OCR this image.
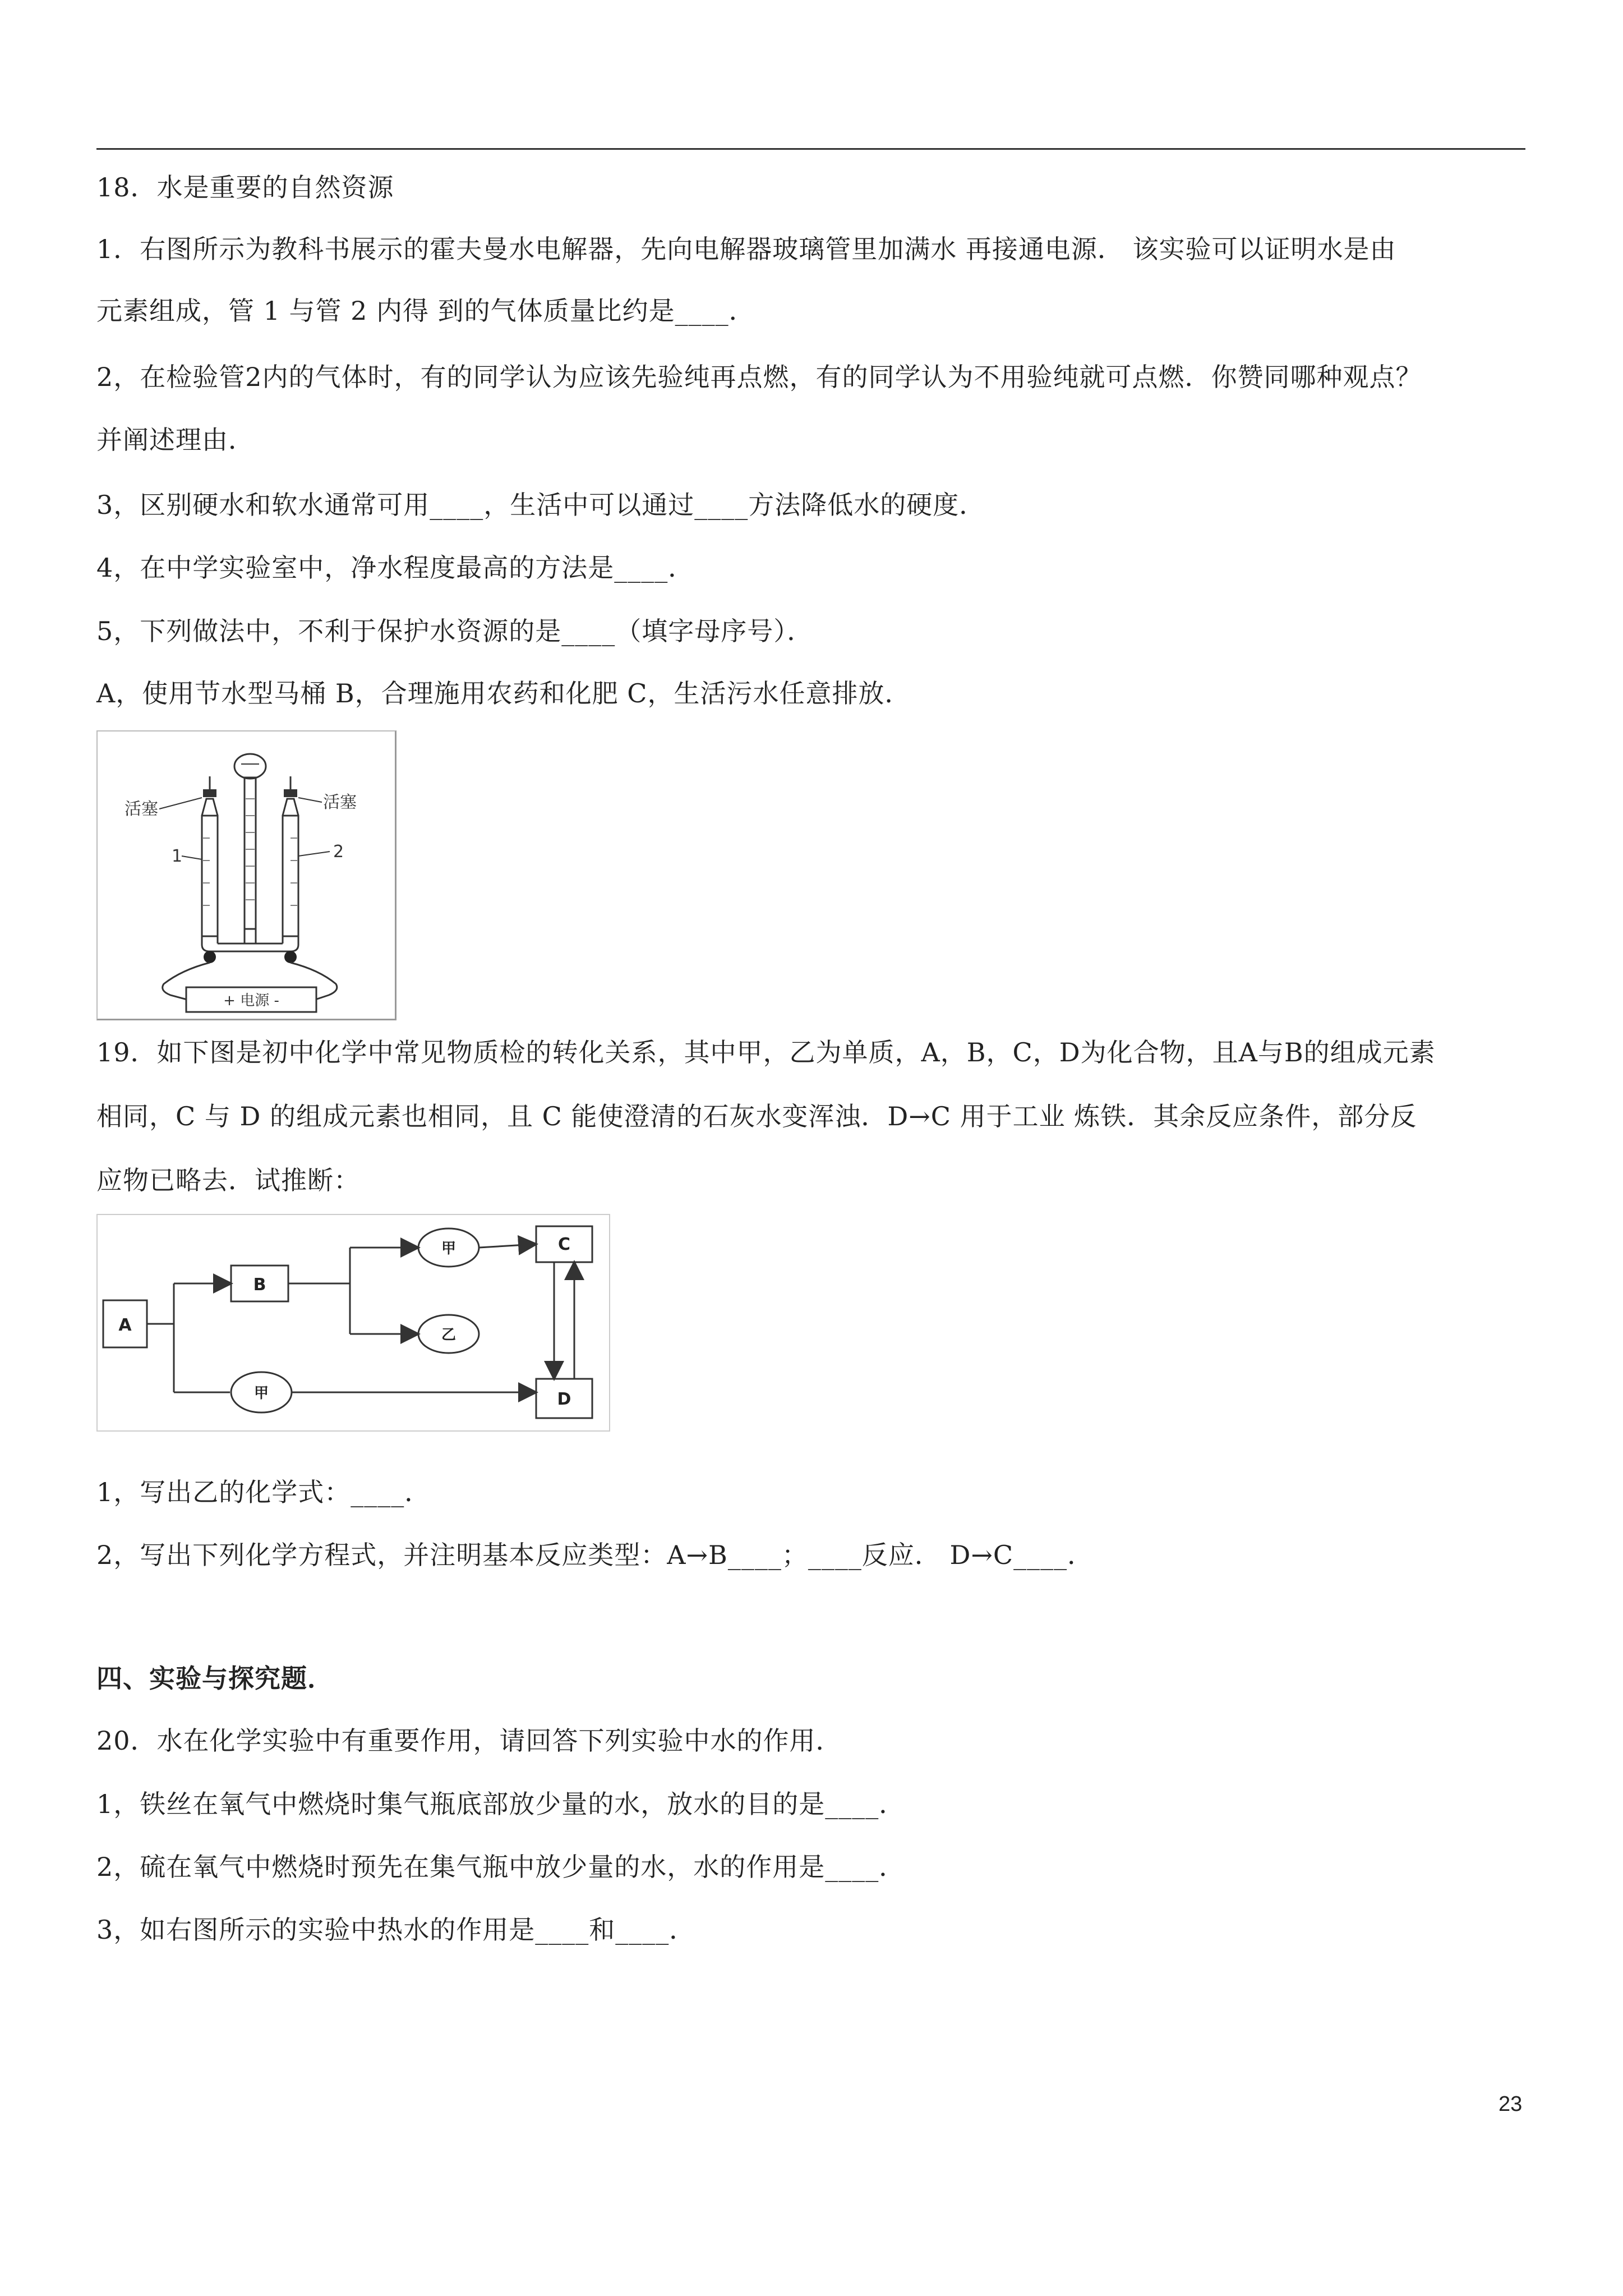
18．水是重要的自然资源
1．右图所示为教科书展示的霍夫曼水电解器，先向电解器玻璃管里加满水 再接通电源． 该实验可以证明水是由
元素组成，管 1 与管 2 内得 到的气体质量比约是____．
2，在检验管2内的气体时，有的同学认为应该先验纯再点燃，有的同学认为不用验纯就可点燃．你赞同哪种观点？
并阐述理由．
3，区别硬水和软水通常可用____，生活中可以通过____方法降低水的硬度．
4，在中学实验室中，净水程度最高的方法是____．
5，下列做法中，不利于保护水资源的是____（填字母序号）．
A，使用节水型马桶 B，合理施用农药和化肥 C，生活污水任意排放．
+ 电源 -
活塞	活塞
1	2
19．如下图是初中化学中常见物质检的转化关系，其中甲，乙为单质，A，B，C，D为化合物，且A与B的组成元素
相同，C 与 D 的组成元素也相同，且 C 能使澄清的石灰水变浑浊．D→C 用于工业 炼铁．其余反应条件，部分反
应物已略去．试推断：
A
B
C
D
甲
乙
甲
1，写出乙的化学式：____．
2，写出下列化学方程式，并注明基本反应类型：A→B____；____反应． D→C____．
四、实验与探究题．
20．水在化学实验中有重要作用，请回答下列实验中水的作用．
1，铁丝在氧气中燃烧时集气瓶底部放少量的水，放水的目的是____．
2，硫在氧气中燃烧时预先在集气瓶中放少量的水，水的作用是____．
3，如右图所示的实验中热水的作用是____和____．
23
